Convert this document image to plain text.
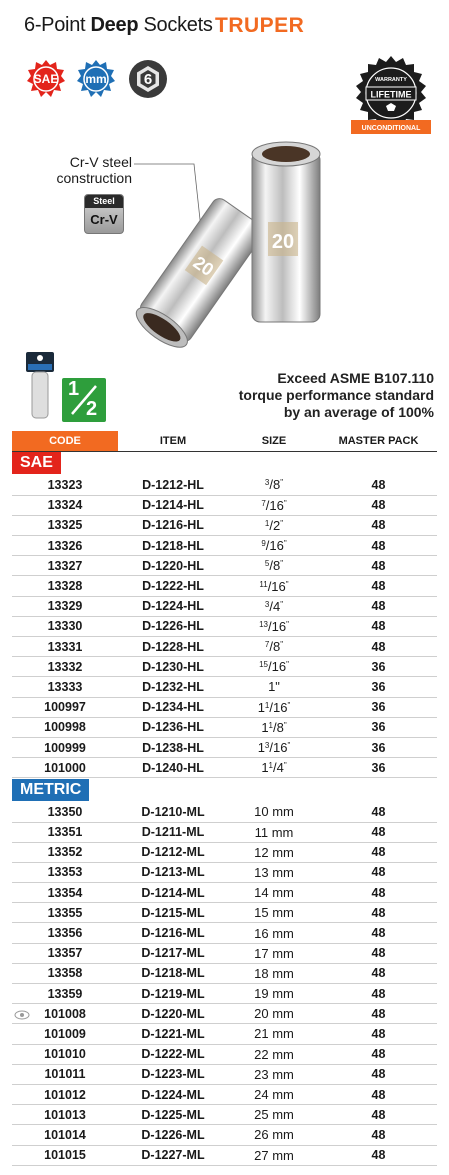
6-Point Deep Sockets TRUPER
SAE	mm	6
LIFETIME
WARRANTY
UNCONDITIONAL
Cr-V steel
construction
Steel
Cr-V
20
20
1
2
Exceed ASME B107.110
torque performance standard
by an average of 100%
CODE	ITEM	SIZE	MASTER PACK
SAE			
13323	D-1212-HL	$^3$/8"	48
13324	D-1214-HL	$^7$/16"	48
13325	D-1216-HL	$^1$/2"	48
13326	D-1218-HL	$^9$/16"	48
13327	D-1220-HL	$^5$/8"	48
13328	D-1222-HL	$^{11}$/16"	48
13329	D-1224-HL	$^3$/4"	48
13330	D-1226-HL	$^{13}$/16"	48
13331	D-1228-HL	$^7$/8"	48
13332	D-1230-HL	$^{15}$/16"	36
13333	D-1232-HL	1"	36
100997	D-1234-HL	$1^1/16^"$	36
100998	D-1236-HL	$1^1/8^"$	36
100999	D-1238-HL	$1^3/16^"$	36
101000	D-1240-HL	$1^1/4^"$	36
METRIC			
13350	D-1210-ML	10 mm	48
13351	D-1211-ML	11 mm	48
13352	D-1212-ML	12 mm	48
13353	D-1213-ML	13 mm	48
13354	D-1214-ML	14 mm	48
13355	D-1215-ML	15 mm	48
13356	D-1216-ML	16 mm	48
13357	D-1217-ML	17 mm	48
13358	D-1218-ML	18 mm	48
13359	D-1219-ML	19 mm	48

101008	D-1220-ML	20 mm	48
101009	D-1221-ML	21 mm	48
101010	D-1222-ML	22 mm	48
101011	D-1223-ML	23 mm	48
101012	D-1224-ML	24 mm	48
101013	D-1225-ML	25 mm	48
101014	D-1226-ML	26 mm	48
101015	D-1227-ML	27 mm	48
